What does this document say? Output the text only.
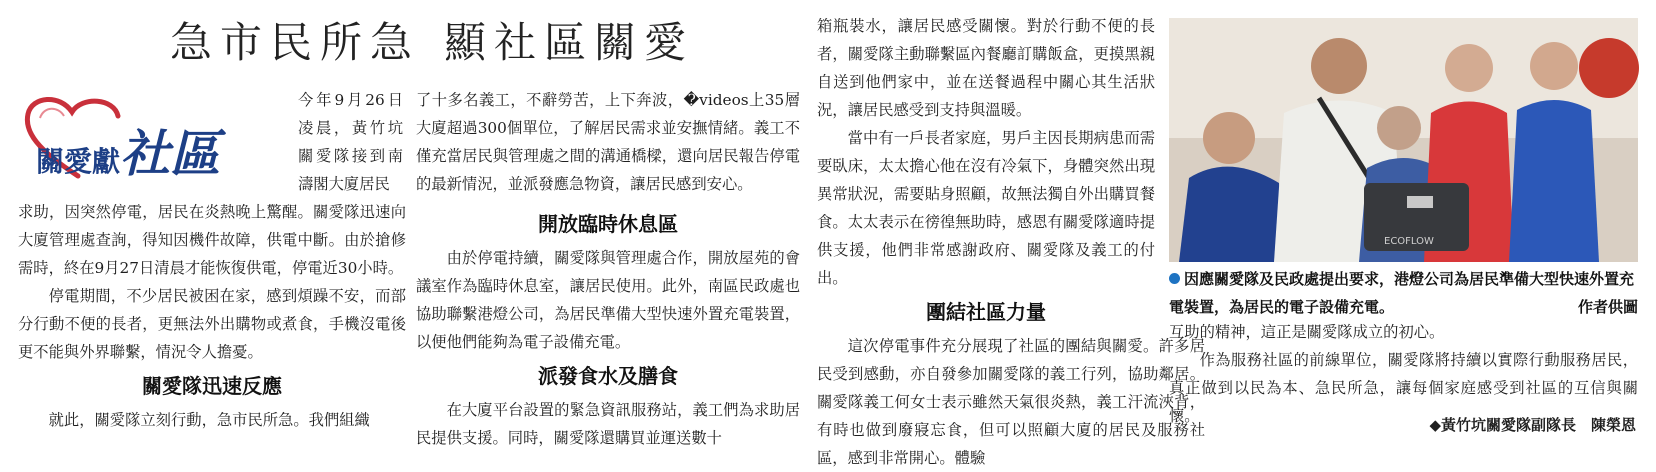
急市民所急 顯社區關愛
關愛獻社區
今年9月26日凌晨，黃竹坑關愛隊接到南濤閣大廈居民
求助，因突然停電，居民在炎熱晚上驚醒。關愛隊迅速向大廈管理處查詢，得知因機件故障，供電中斷。由於搶修需時，終在9月27日清晨才能恢復供電，停電近30小時。
停電期間，不少居民被困在家，感到煩躁不安，而部分行動不便的長者，更無法外出購物或煮食，手機沒電後更不能與外界聯繫，情況令人擔憂。
關愛隊迅速反應
就此，關愛隊立刻行動，急市民所急。我們組織
了十多名義工，不辭勞苦，上下奔波，�videos上35層大廈超過300個單位，了解居民需求並安撫情緒。義工不僅充當居民與管理處之間的溝通橋樑，還向居民報告停電的最新情況，並派發應急物資，讓居民感到安心。
開放臨時休息區
由於停電持續，關愛隊與管理處合作，開放屋苑的會議室作為臨時休息室，讓居民使用。此外，南區民政處也協助聯繫港燈公司，為居民準備大型快速外置充電裝置，以便他們能夠為電子設備充電。
派發食水及膳食
在大廈平台設置的緊急資訊服務站，義工們為求助居民提供支援。同時，關愛隊還購買並運送數十
箱瓶裝水，讓居民感受關懷。對於行動不便的長者，關愛隊主動聯繫區內餐廳訂購飯盒，更摸黑親自送到他們家中，並在送餐過程中關心其生活狀況，讓居民感受到支持與溫暖。
當中有一戶長者家庭，男戶主因長期病患而需要臥床，太太擔心他在沒有冷氣下，身體突然出現異常狀況，需要貼身照顧，故無法獨自外出購買餐食。太太表示在徬徨無助時，感恩有關愛隊適時提供支援，他們非常感謝政府、關愛隊及義工的付出。
團結社區力量
這次停電事件充分展現了社區的團結與關愛。許多居民受到感動，亦自發參加關愛隊的義工行列，協助鄰居。關愛隊義工何女士表示雖然天氣很炎熱，義工汗流浹背，有時也做到廢寢忘食，但可以照顧大廈的居民及服務社區，感到非常開心。體驗
ECOFLOW
因應關愛隊及民政處提出要求，港燈公司為居民準備大型快速外置充電裝置，為居民的電子設備充電。	作者供圖
互助的精神，這正是關愛隊成立的初心。
作為服務社區的前線單位，關愛隊將持續以實際行動服務居民，真正做到以民為本、急民所急，讓每個家庭感受到社區的互信與關懷。	◆黃竹坑關愛隊副隊長　陳榮恩
